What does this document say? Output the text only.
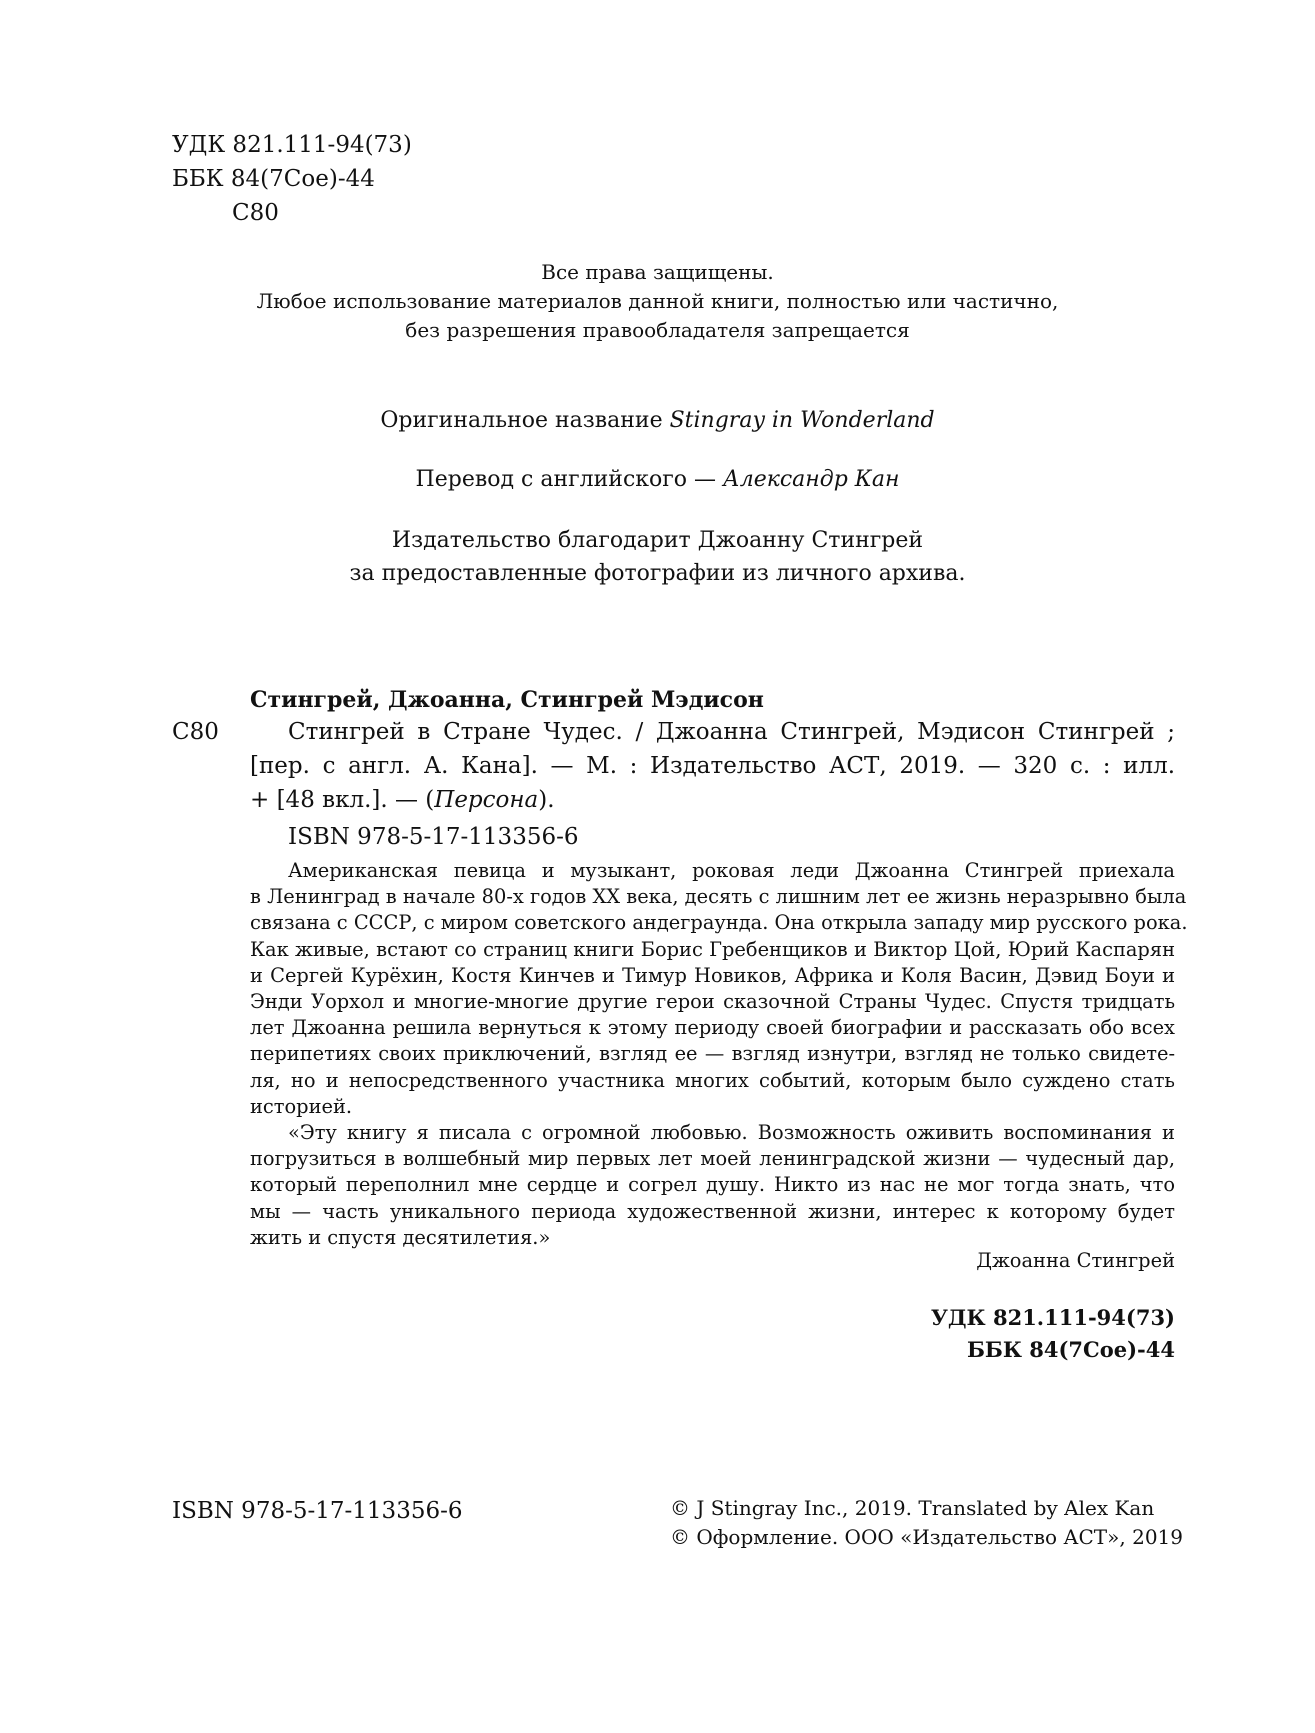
УДК 821.111-94(73)
ББК 84(7Сое)-44
С80
Все права защищены.
Любое использование материалов данной книги, полностью или частично,
без разрешения правообладателя запрещается
Оригинальное название Stingray in Wonderland
Перевод с английского — Александр Кан
Издательство благодарит Джоанну Стингрей
за предоставленные фотографии из личного архива.
Стингрей, Джоанна, Стингрей Мэдисон
С80	Стингрей в Стране Чудес. / Джоанна Стингрей, Мэдисон Стингрей ;
[пер. с англ. А. Кана]. — М. : Издательство АСТ, 2019. — 320 с. : илл.
+ [48 вкл.]. — (Персона).
ISBN 978-5-17-113356-6
Американская певица и музыкант, роковая леди Джоанна Стингрей приехала
в Ленинград в начале 80-х годов XX века, десять с лишним лет ее жизнь неразрывно была
связана с СССР, с миром советского андеграунда. Она открыла западу мир русского рока.
Как живые, встают со страниц книги Борис Гребенщиков и Виктор Цой, Юрий Каспарян
и Сергей Курёхин, Костя Кинчев и Тимур Новиков, Африка и Коля Васин, Дэвид Боуи и
Энди Уорхол и многие-многие другие герои сказочной Страны Чудес. Спустя тридцать
лет Джоанна решила вернуться к этому периоду своей биографии и рассказать обо всех
перипетиях своих приключений, взгляд ее — взгляд изнутри, взгляд не только свидете-
ля, но и непосредственного участника многих событий, которым было суждено стать
историей.
«Эту книгу я писала с огромной любовью. Возможность оживить воспоминания и
погрузиться в волшебный мир первых лет моей ленинградской жизни — чудесный дар,
который переполнил мне сердце и согрел душу. Никто из нас не мог тогда знать, что
мы — часть уникального периода художественной жизни, интерес к которому будет
жить и спустя десятилетия.»
Джоанна Стингрей
УДК 821.111-94(73)
ББК 84(7Сое)-44
ISBN 978-5-17-113356-6	© J Stingray Inc., 2019. Translated by Alex Kan
© Оформление. ООО «Издательство АСТ», 2019
